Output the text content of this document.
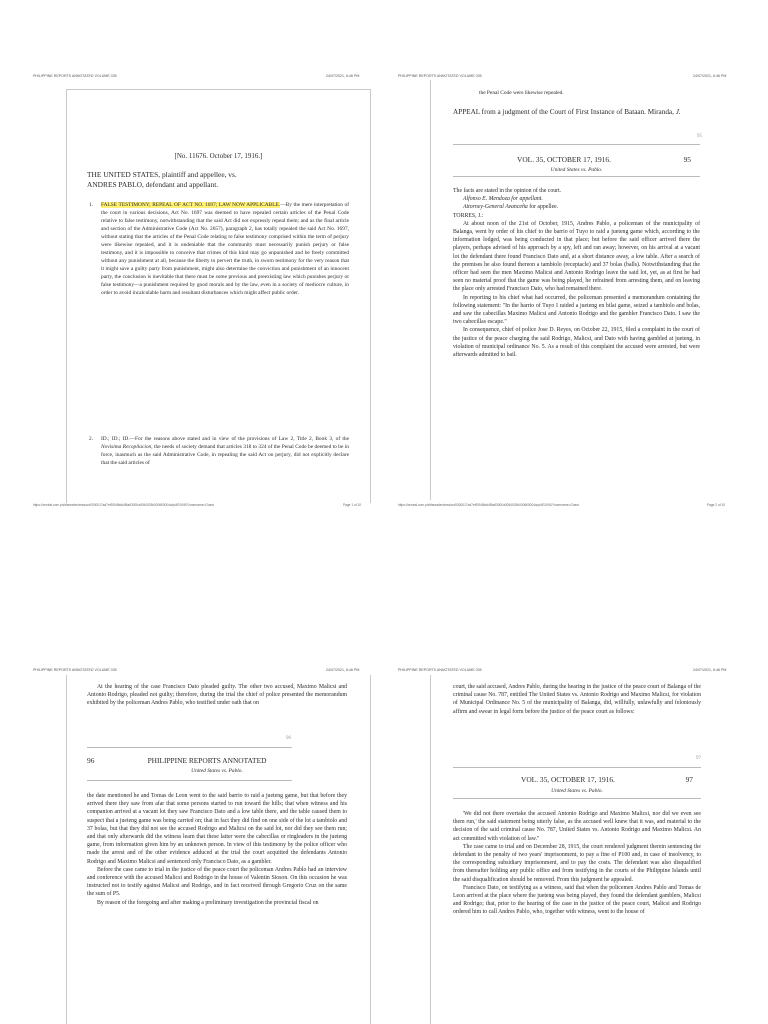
PHILIPPINE REPORTS ANNOTATED VOLUME 035	24/07/2021, 6:46 PM
[No. 11676. October 17, 1916.]

THE UNITED STATES, plaintiff and appellee, vs.

ANDRES PABLO, defendant and appellant.

1. FALSE TESTIMONY; REPEAL OF ACT NO. 1697; LAW NOW APPLICABLE.—By the mere interpretation of the court in various decisions, Act No. 1697 was deemed to have repealed certain articles of the Penal Code relative to false testimony, notwithstanding that the said Act did not expressly repeal them; and as the final article and section of the Administrative Code (Act No. 2657), paragraph 2, has totally repealed the said Act No. 1697, without stating that the articles of the Penal Code relating to false testimony comprised within the term of perjury were likewise repealed, and it is undeniable that the community must necessarily punish perjury or false testimony, and it is impossible to conceive that crimes of this kind may go unpunished and be freely committed without any punishment at all, because the liberty to pervert the truth, in sworn testimony for the very reason that it might save a guilty party from punishment, might also determine the conviction and punishment of an innocent party, the conclusion is inevitable that there must be some previous and preexisting law which punishes perjury or false testimony—a punishment required by good morals and by the law, even in a society of mediocre culture, in order to avoid incalculable harm and resultant disturbances which might affect public order.
2. ID.; ID.; ID.—For the reasons above stated and in view of the provisions of Law 2, Title 2, Book 3, of the Novisima Recopilacion, the needs of society demand that articles 318 to 324 of the Penal Code be deemed to be in force, inasmuch as the said Administrative Code, in repealing the said Act on perjury, did not explicitly declare that the said articles of
https://central.com.ph/sfsreader/session/0000017ad7ef92f4f6dd4f5a63000a0094003b0006f/0004a/p/ARJ/NS/?username=Guest	Page 1 of 10
PHILIPPINE REPORTS ANNOTATED VOLUME 035	24/07/2021, 6:46 PM
the Penal Code were likewise repealed.
APPEAL from a judgment of the Court of First Instance of Bataan. Miranda, J.
95
VOL. 35, OCTOBER 17, 1916.	95
United States vs. Pablo.

The facts are stated in the opinion of the court.

Alfonso E. Mendoza for appellant.

Attorney-General Avanceña for appellee.

TORRES, J.:

At about noon of the 21st of October, 1915, Andres Pablo, a policeman of the municipality of Balanga, went by order of his chief to the barrio of Tuyo to raid a jueteng game which, according to the information lodged, was being conducted in that place; but before the said officer arrived there the players, perhaps advised of his approach by a spy, left and ran away; however, on his arrival at a vacant lot the defendant there found Francisco Dato and, at a short distance away, a low table. After a search of the premises he also found thereon a tambiolo (receptacle) and 37 bolas (balls). Notwithstanding that the officer had seen the men Maximo Malicsi and Antonio Rodrigo leave the said lot, yet, as at first he had seen no material proof that the game was being played, he refrained from arresting them, and on leaving the place only arrested Francisco Dato, who had remained there.

In reporting to his chief what had occurred, the policeman presented a memorandum containing the following statement: "In the harrio of Tuyo I raided a jueteng en bilai game, seized a tambiolo and bolas, and saw the cabecillas Maximo Malicsi and Antonio Rodrigo and the gambler Francisco Dato. I saw the two cabecillas escape."

In consequence, chief of police Jose D. Reyes, on October 22, 1915, filed a complaint in the court of the justice of the peace charging the said Rodrigo, Malicsi, and Dato with having gambled at jueteng, in violation of municipal ordinance No. 5. As a result of this complaint the accused were arrested, but were afterwards admitted to bail.

https://central.com.ph/sfsreader/session/0000017ad7ef92f4f6dd4f5a63000a0094003b0006f/0004a/p/ARJ/NS/?username=Guest	Page 2 of 10
PHILIPPINE REPORTS ANNOTATED VOLUME 035	24/07/2021, 6:46 PM

At the hearing of the case Francisco Dato pleaded guilty. The other two accused, Maximo Malicsi and Antonio Rodrigo, pleaded not guilty; therefore, during the trial the chief of police presented the memorandum exhibited by the policeman Andres Pablo, who testified under oath that on

96
96	PHILIPPINE REPORTS ANNOTATED
United States vs. Pablo.

the date mentioned he and Tomas de Leon went to the said barrio to raid a jueteng game, but that before they arrived there they saw from afar that some persons started to run toward the hills; that when witness and his companion arrived at a vacant lot they saw Francisco Dato and a low table there, and the table caused them to suspect that a jueteng game was being carried on; that in fact they did find on one side of the lot a tambiolo and 37 bolas, but that they did not see the accused Rodrigo and Malicsi on the said lot, nor did they see them run; and that only afterwards did the witness learn that these latter were the cabecillas or ringleaders in the jueteng game, from information given him by an unknown person. In view of this testimony by the police officer who made the arrest and of the other evidence adduced at the trial the court acquitted the defendants Antonio Rodrigo and Maximo Malicsi and sentenced only Francisco Dato, as a gambler.

Before the case came to trial in the justice of the peace court the policeman Andres Pablo had an interview and conference with the accused Malicsi and Rodrigo in the house of Valentin Sioson. On this occasion he was instructed not to testify against Malicsi and Rodrigo, and in fact received through Gregorio Cruz on the same the sum of P5.

By reason of the foregoing and after making a preliminary investigation the provincial fiscal on

PHILIPPINE REPORTS ANNOTATED VOLUME 035	24/07/2021, 6:46 PM

court, the said accused, Andres Pablo, during the hearing in the justice of the peace court of Balanga of the criminal cause No. 787, entitled The United States vs. Antonio Rodrigo and Maximo Malicsi, for violation of Municipal Ordinance No. 5 of the municipality of Balanga, did, willfully, unlawfully and feloniously affirm and swear in legal form before the justice of the peace court as follows:

97
VOL. 35, OCTOBER 17, 1916.	97
United States vs. Pablo.

'We did not there overtake the accused Antonio Rodrigo and Maximo Malicsi, nor did we even see them run,' the said statement being utterly false, as the accused well knew that it was, and material to the decision of the said criminal cause No. 787, United States vs. Antonio Rodrigo and Maximo Malicsi. An act committed with violation of law."

The case came to trial and on December 28, 1915, the court rendered judgment therein sentencing the defendant to the penalty of two years' imprisonment, to pay a fine of P100 and, in case of insolvency, to the corresponding subsidiary imprisonment, and to pay the costs. The defendant was also disqualified from thereafter holding any public office and from testifying in the courts of the Philippine Islands until the said disqualification should be removed. From this judgment he appealed.

Francisco Dato, on testifying as a witness, said that when the policemen Andres Pablo and Tomas de Leon arrived at the place where the jueteng was being played, they found the defendant gamblers, Malicsi and Rodrigo; that, prior to the hearing of the case in the justice of the peace court, Malicsi and Rodrigo ordered him to call Andres Pablo, who, together with witness, went to the house of
